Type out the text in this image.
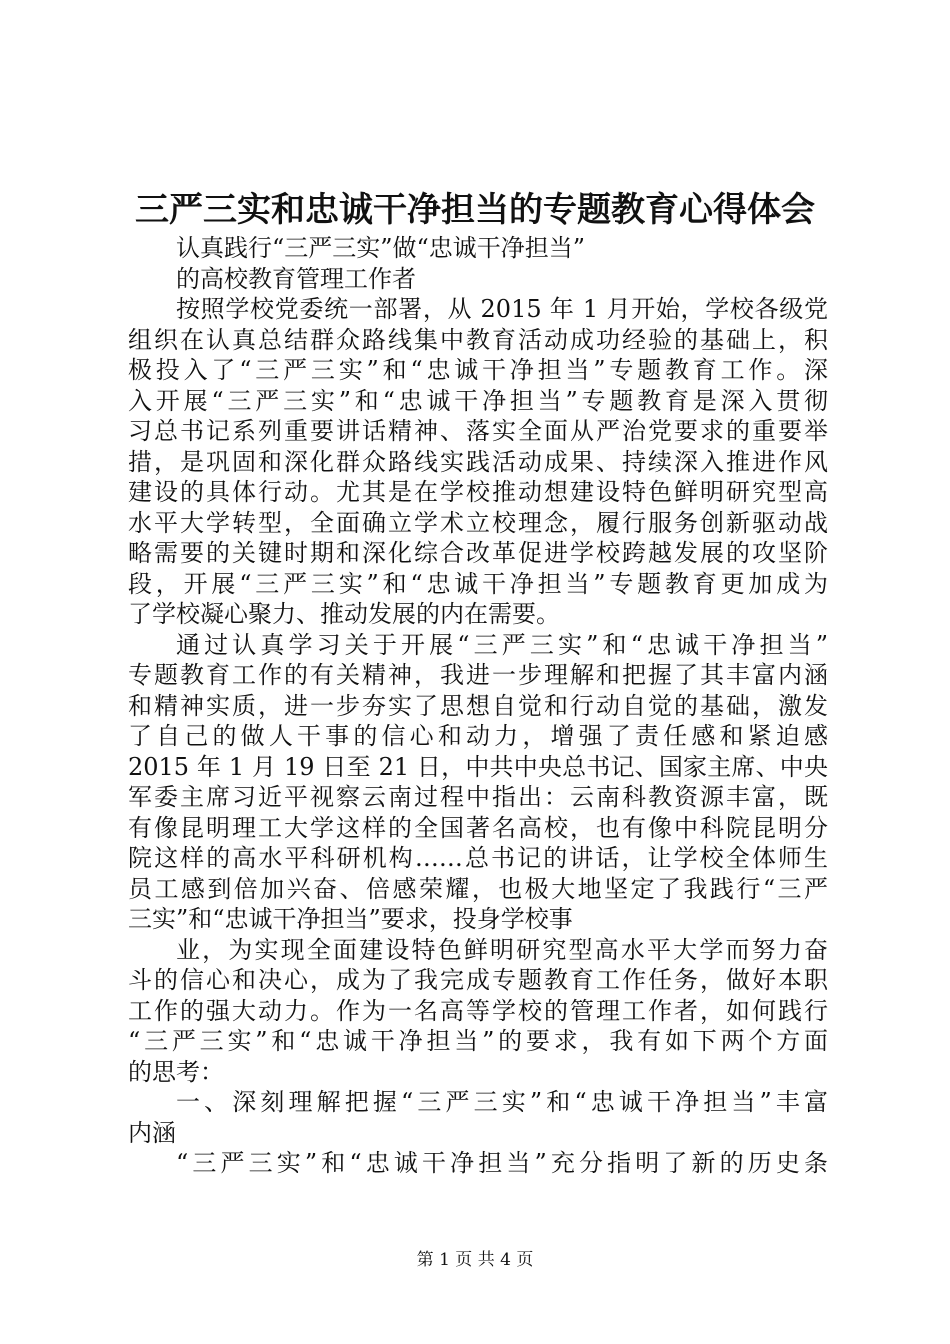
三严三实和忠诚干净担当的专题教育心得体会
认真践行“三严三实”做“忠诚干净担当”
的高校教育管理工作者
按照学校党委统一部署，从 2015 年 1 月开始，学校各级党
组织在认真总结群众路线集中教育活动成功经验的基础上，积
极投入了“三严三实”和“忠诚干净担当”专题教育工作。深
入开展“三严三实”和“忠诚干净担当”专题教育是深入贯彻
习总书记系列重要讲话精神、落实全面从严治党要求的重要举
措，是巩固和深化群众路线实践活动成果、持续深入推进作风
建设的具体行动。尤其是在学校推动想建设特色鲜明研究型高
水平大学转型，全面确立学术立校理念，履行服务创新驱动战
略需要的关键时期和深化综合改革促进学校跨越发展的攻坚阶
段，开展“三严三实”和“忠诚干净担当”专题教育更加成为
了学校凝心聚力、推动发展的内在需要。
通过认真学习关于开展“三严三实”和“忠诚干净担当”
专题教育工作的有关精神，我进一步理解和把握了其丰富内涵
和精神实质，进一步夯实了思想自觉和行动自觉的基础，激发
了自己的做人干事的信心和动力，增强了责任感和紧迫感
2015 年 1 月 19 日至 21 日，中共中央总书记、国家主席、中央
军委主席习近平视察云南过程中指出：云南科教资源丰富，既
有像昆明理工大学这样的全国著名高校，也有像中科院昆明分
院这样的高水平科研机构……总书记的讲话，让学校全体师生
员工感到倍加兴奋、倍感荣耀，也极大地坚定了我践行“三严
三实”和“忠诚干净担当”要求，投身学校事
业，为实现全面建设特色鲜明研究型高水平大学而努力奋
斗的信心和决心，成为了我完成专题教育工作任务，做好本职
工作的强大动力。作为一名高等学校的管理工作者，如何践行
“三严三实”和“忠诚干净担当”的要求，我有如下两个方面
的思考：
一、深刻理解把握“三严三实”和“忠诚干净担当”丰富
内涵
“三严三实”和“忠诚干净担当”充分指明了新的历史条
第 1 页 共 4 页
